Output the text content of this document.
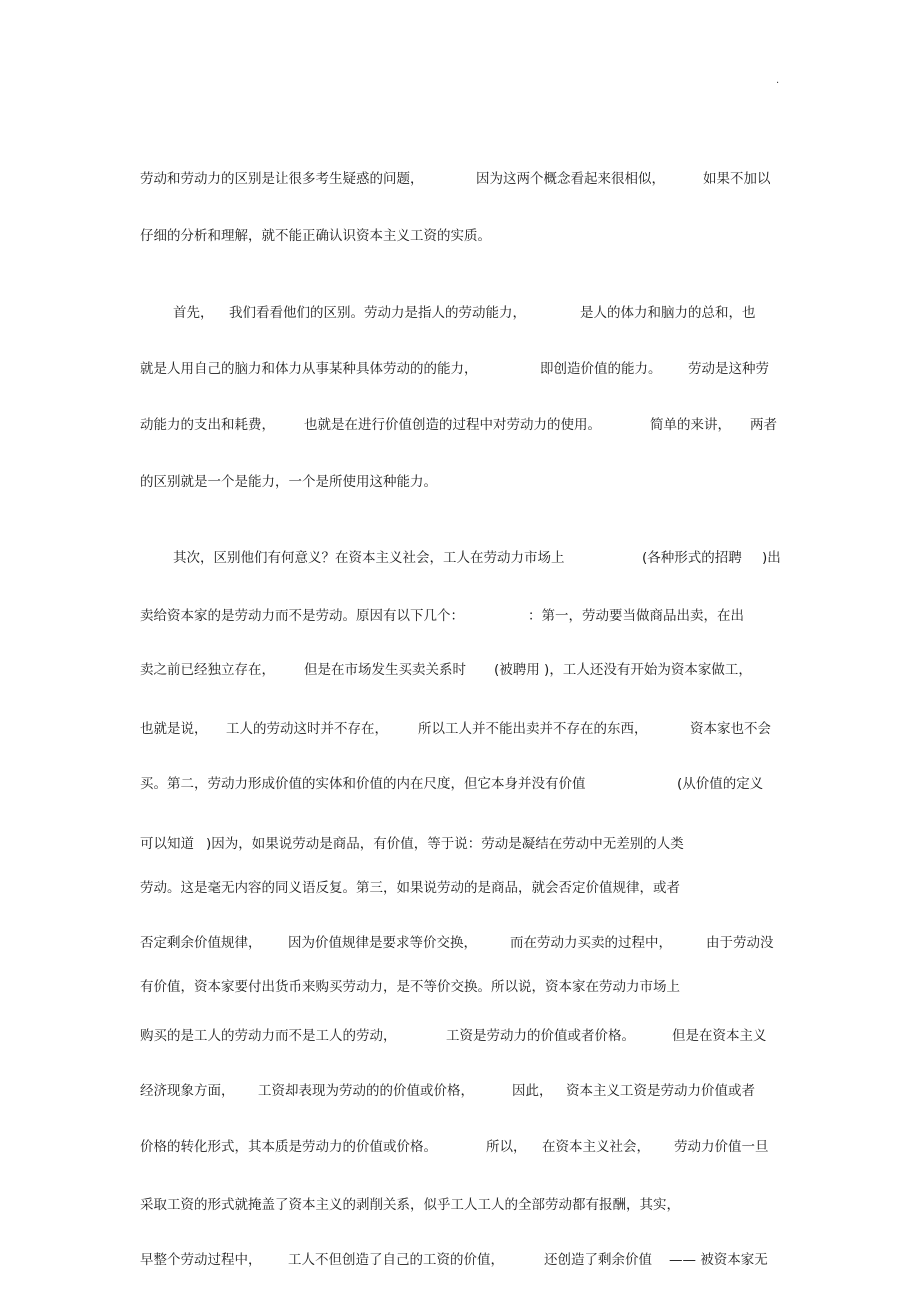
.
劳动和劳动力的区别是让很多考生疑惑的问题，	因为这两个概念看起来很相似，	如果不加以
仔细的分析和理解，就不能正确认识资本主义工资的实质。
首先， 我们看看他们的区别。劳动力是指人的劳动能力，	是人的体力和脑力的总和，也
就是人用自己的脑力和体力从事某种具体劳动的的能力，	即创造价值的能力。 劳动是这种劳
动能力的支出和耗费， 也就是在进行价值创造的过程中对劳动力的使用。	简单的来讲， 两者
的区别就是一个是能力，一个是所使用这种能力。
其次，区别他们有何意义？在资本主义社会，工人在劳动力市场上	(各种形式的招聘 )出
卖给资本家的是劳动力而不是劳动。原因有以下几个：	：第一，劳动要当做商品出卖，在出
卖之前已经独立存在， 但是在市场发生买卖关系时 (被聘用 )，工人还没有开始为资本家做工，
也就是说， 工人的劳动这时并不存在， 所以工人并不能出卖并不存在的东西，	资本家也不会
买。第二，劳动力形成价值的实体和价值的内在尺度，但它本身并没有价值	(从价值的定义
可以知道 )因为，如果说劳动是商品，有价值，等于说：劳动是凝结在劳动中无差别的人类
劳动。这是毫无内容的同义语反复。第三，如果说劳动的是商品，就会否定价值规律，或者
否定剩余价值规律， 因为价值规律是要求等价交换， 而在劳动力买卖的过程中，	由于劳动没
有价值，资本家要付出货币来购买劳动力，是不等价交换。所以说，资本家在劳动力市场上
购买的是工人的劳动力而不是工人的劳动，	工资是劳动力的价值或者价格。	但是在资本主义
经济现象方面， 工资却表现为劳动的的价值或价格，	因此， 资本主义工资是劳动力价值或者
价格的转化形式，其本质是劳动力的价值或价格。	所以， 在资本主义社会， 劳动力价值一旦
采取工资的形式就掩盖了资本主义的剥削关系，似乎工人工人的全部劳动都有报酬，其实，
早整个劳动过程中， 工人不但创造了自己的工资的价值，	还创造了剩余价值 —— 被资本家无
